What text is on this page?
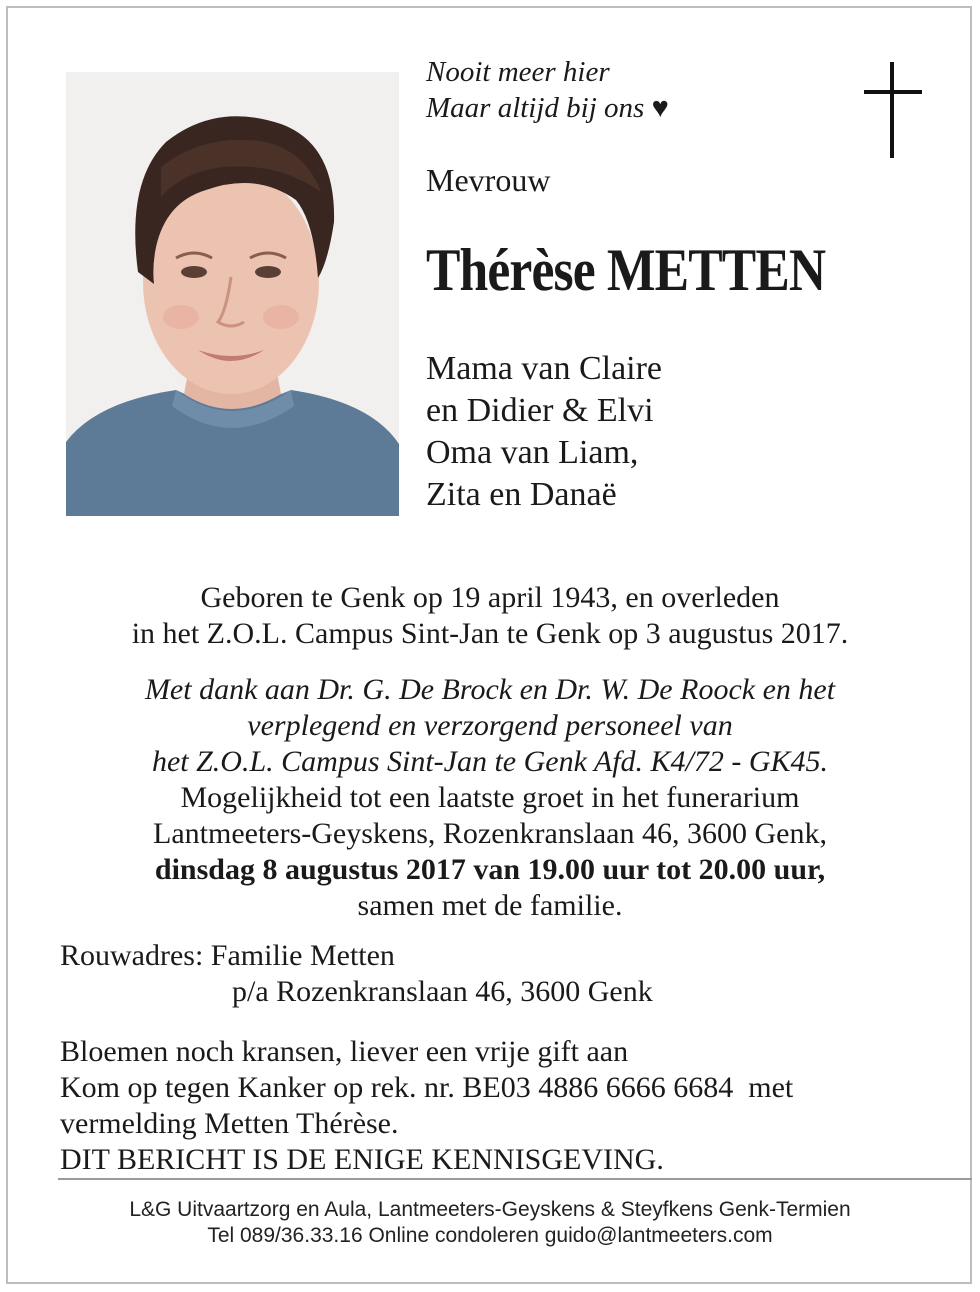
Nooit meer hier
Maar altijd bij ons ♥
Mevrouw
Thérèse METTEN
Mama van Claire
en Didier & Elvi
Oma van Liam,
Zita en Danaë
Geboren te Genk op 19 april 1943, en overleden
in het Z.O.L. Campus Sint-Jan te Genk op 3 augustus 2017.
Met dank aan Dr. G. De Brock en Dr. W. De Roock en het
verplegend en verzorgend personeel van
het Z.O.L. Campus Sint-Jan te Genk Afd. K4/72 - GK45.
Mogelijkheid tot een laatste groet in het funerarium
Lantmeeters-Geyskens, Rozenkranslaan 46, 3600 Genk,
dinsdag 8 augustus 2017 van 19.00 uur tot 20.00 uur,
samen met de familie.
Rouwadres: Familie Metten
p/a Rozenkranslaan 46, 3600 Genk
Bloemen noch kransen, liever een vrije gift aan
Kom op tegen Kanker op rek. nr. BE03 4886 6666 6684  met
vermelding Metten Thérèse.
DIT BERICHT IS DE ENIGE KENNISGEVING.
L&G Uitvaartzorg en Aula, Lantmeeters-Geyskens & Steyfkens Genk-Termien
Tel 089/36.33.16 Online condoleren guido@lantmeeters.com
